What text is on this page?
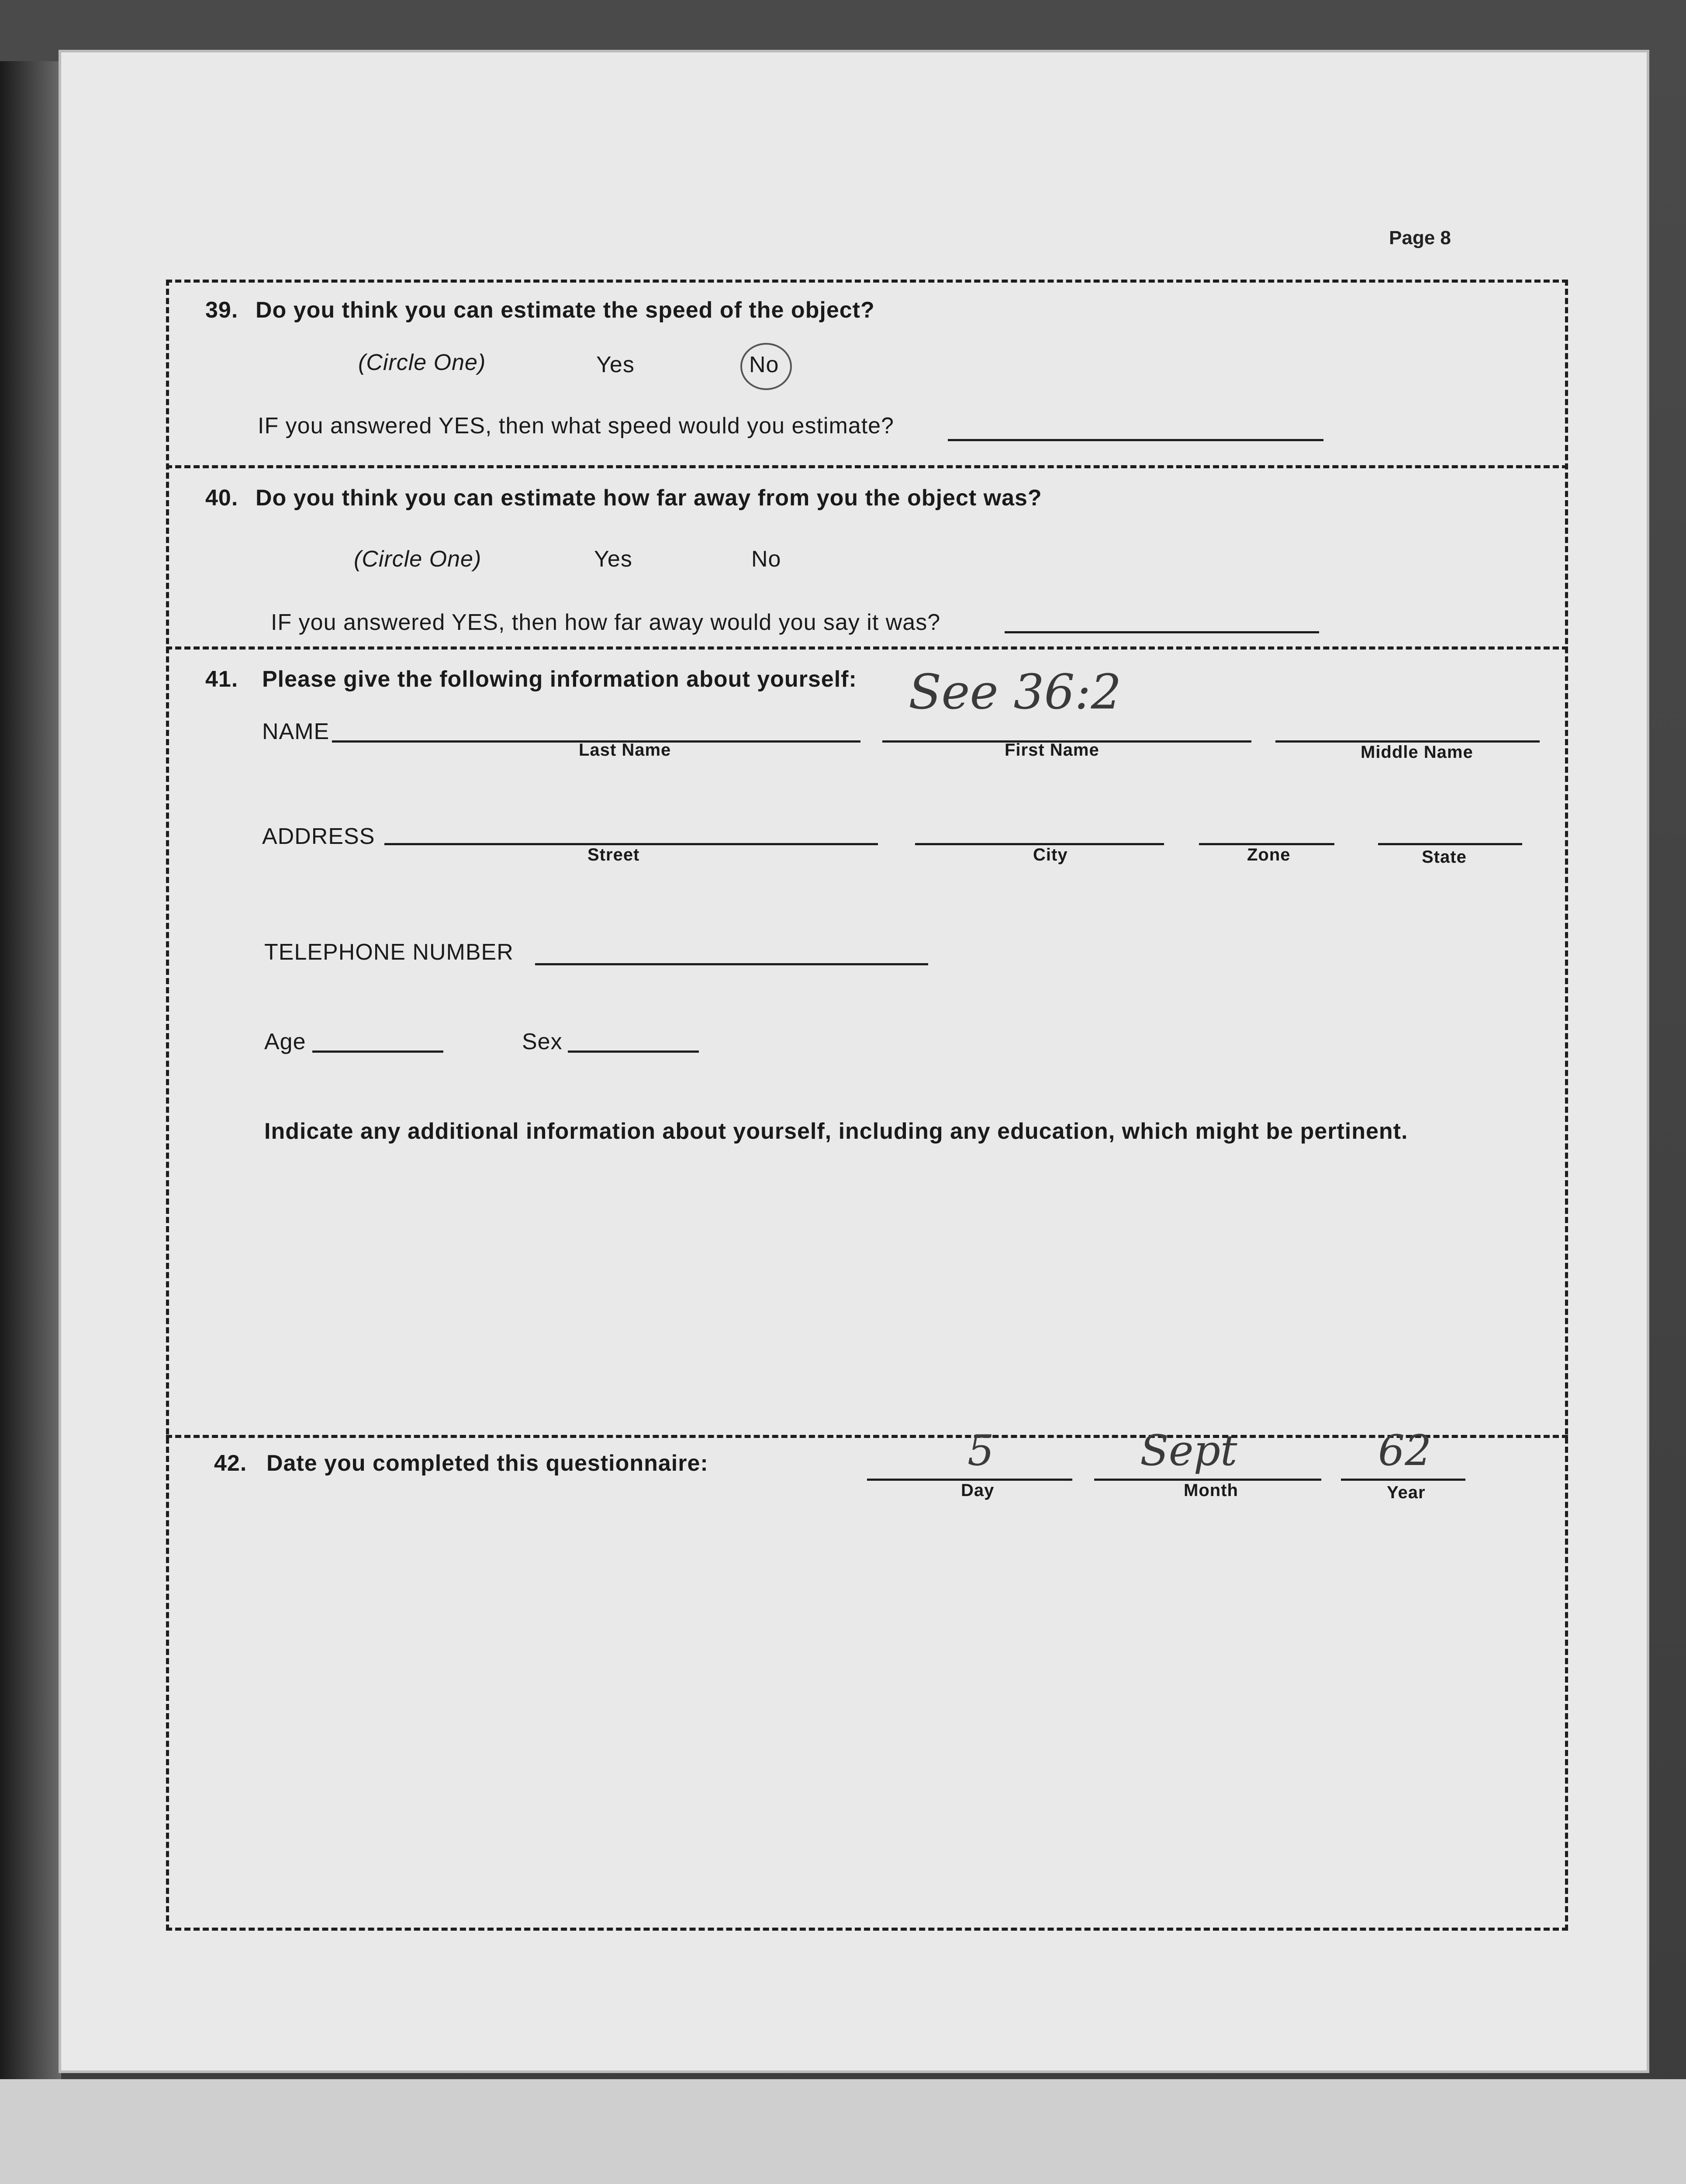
Page 8
39. Do you think you can estimate the speed of the object?
(Circle One)	Yes	No
IF you answered YES, then what speed would you estimate?
40. Do you think you can estimate how far away from you the object was?
(Circle One)	Yes	No
IF you answered YES, then how far away would you say it was?
41. Please give the following information about yourself: See 36:2
NAME
Last Name	First Name	Middle Name
ADDRESS
Street	City	Zone	State
TELEPHONE NUMBER
Age	Sex
Indicate any additional information about yourself, including any education, which might be pertinent.
42. Date you completed this questionnaire:	5	Sept	62
Day	Month	Year
